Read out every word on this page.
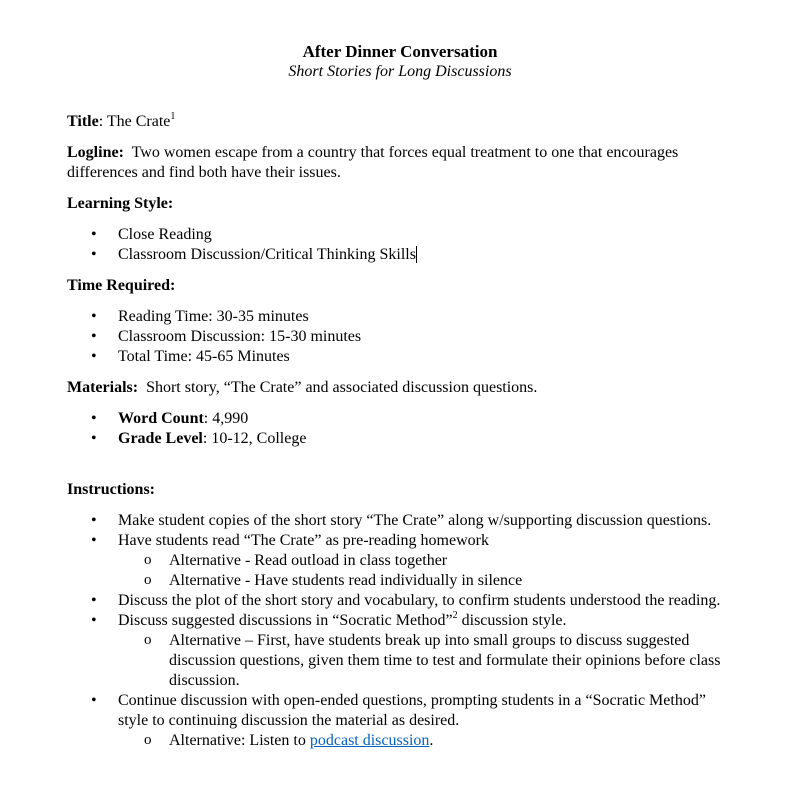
After Dinner Conversation
Short Stories for Long Discussions

Title: The Crate$^1$

Logline: Two women escape from a country that forces equal treatment to one that encourages differences and find both have their issues.

Learning Style:

• Close Reading
• Classroom Discussion/Critical Thinking Skills

Time Required:

• Reading Time: 30-35 minutes
• Classroom Discussion: 15-30 minutes
• Total Time: 45-65 Minutes

Materials: Short story, “The Crate” and associated discussion questions.

• Word Count: 4,990
• Grade Level: 10-12, College

Instructions:

• Make student copies of the short story “The Crate” along w/supporting discussion questions.
• Have students read “The Crate” as pre-reading homework
o Alternative - Read outload in class together
o Alternative - Have students read individually in silence
• Discuss the plot of the short story and vocabulary, to confirm students understood the reading.
• Discuss suggested discussions in “Socratic Method”$^2$ discussion style.
o Alternative – First, have students break up into small groups to discuss suggested discussion questions, given them time to test and formulate their opinions before class discussion.
• Continue discussion with open-ended questions, prompting students in a “Socratic Method” style to continuing discussion the material as desired.
o Alternative: Listen to podcast discussion.
